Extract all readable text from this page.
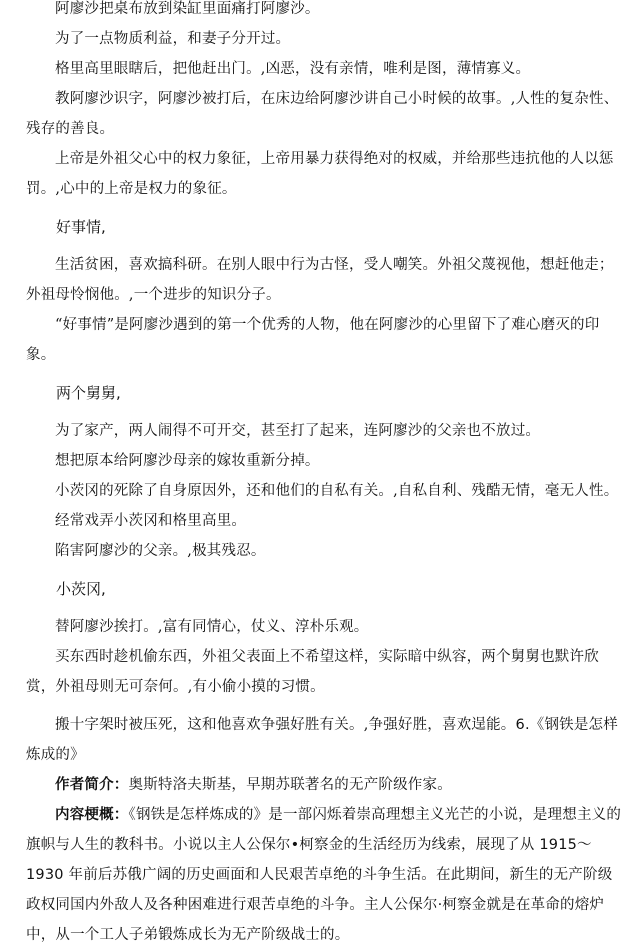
阿廖沙把桌布放到染缸里面痛打阿廖沙。

为了一点物质利益，和妻子分开过。

格里高里眼瞎后，把他赶出门。,凶恶，没有亲情，唯利是图，薄情寡义。

教阿廖沙识字，阿廖沙被打后，在床边给阿廖沙讲自己小时候的故事。,人性的复杂性、残存的善良。

上帝是外祖父心中的权力象征，上帝用暴力获得绝对的权威，并给那些违抗他的人以惩罚。,心中的上帝是权力的象征。

好事情,

生活贫困，喜欢搞科研。在别人眼中行为古怪，受人嘲笑。外祖父蔑视他，想赶他走；外祖母怜悯他。,一个进步的知识分子。

“好事情”是阿廖沙遇到的第一个优秀的人物，他在阿廖沙的心里留下了难心磨灭的印象。

两个舅舅,

为了家产，两人闹得不可开交，甚至打了起来，连阿廖沙的父亲也不放过。

想把原本给阿廖沙母亲的嫁妆重新分掉。

小茨冈的死除了自身原因外，还和他们的自私有关。,自私自利、残酷无情，毫无人性。

经常戏弄小茨冈和格里高里。

陷害阿廖沙的父亲。,极其残忍。

小茨冈,

替阿廖沙挨打。,富有同情心，仗义、淳朴乐观。

买东西时趁机偷东西，外祖父表面上不希望这样，实际暗中纵容，两个舅舅也默许欣赏，外祖母则无可奈何。,有小偷小摸的习惯。

搬十字架时被压死，这和他喜欢争强好胜有关。,争强好胜，喜欢逞能。6.《钢铁是怎样炼成的》

作者简介：奥斯特洛夫斯基，早期苏联著名的无产阶级作家。

内容梗概：《钢铁是怎样炼成的》是一部闪烁着崇高理想主义光芒的小说，是理想主义的旗帜与人生的教科书。小说以主人公保尔•柯察金的生活经历为线索，展现了从 1915～1930 年前后苏俄广阔的历史画面和人民艰苦卓绝的斗争生活。在此期间，新生的无产阶级政权同国内外敌人及各种困难进行艰苦卓绝的斗争。主人公保尔·柯察金就是在革命的熔炉中，从一个工人子弟锻炼成长为无产阶级战士的。
